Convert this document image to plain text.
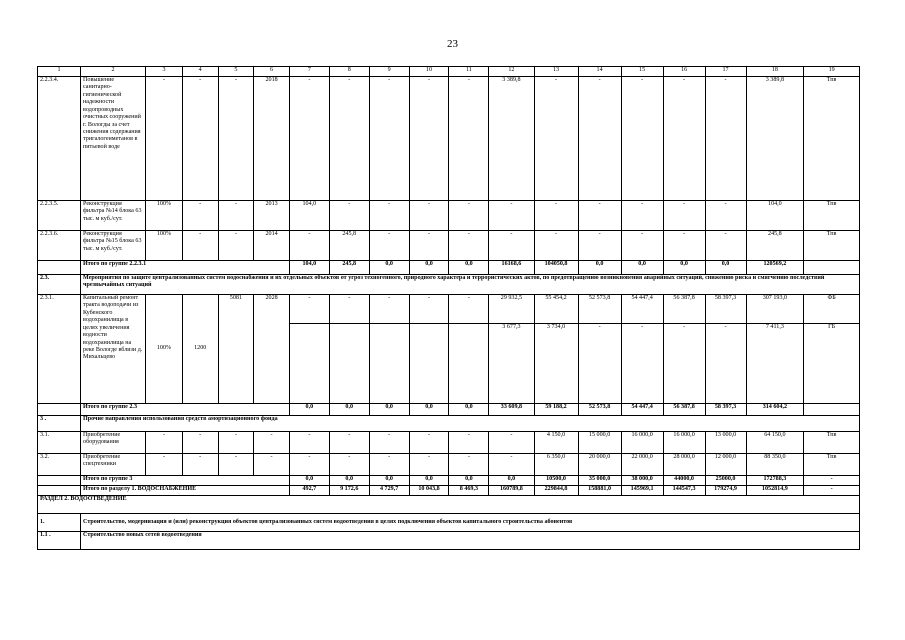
23
1	2	3	4	5	6	7	8	9	10	11	12	13	14	15	16	17	18	19
2.2.3.4.	Повышение санитарно-гигиенической надежности водопроводных очистных сооружений г. Вологды за счет снижения содержания тригалогенметанов в питьевой воде	-	-	-	2018	-	-	-	-	-	3 389,8	-	-	-	-	-	3 389,8	Тпв
2.2.3.5.	Реконструкция фильтра №14 блока 63 тыс. м куб./сут.	100%	-	-	2013	104,0	-	-	-	-	-	-	-	-	-	-	104,0	Тпв
2.2.3.6.	Реконструкция фильтра №15 блока 63 тыс. м куб./сут.	100%	-	-	2014	-	245,8	-	-	-	-	-	-	-	-	-	245,8	Тпв
	Итого по группе 2.2.3.1					104,0	245,8	0,0	0,0	0,0	16168,6	104050,8	0,0	0,0	0,0	0,0	120569,2	
2.3.	Мероприятия по защите централизованных систем водоснабжения и их отдельных объектов от угроз техногенного, природного характера и террористических актов, по предотвращению возникновения аварийных ситуаций, снижению риска и смягчению последствий чрезвычайных ситуаций																	
2.3.1.	Капитальный ремонт тракта водоподачи из Кубенского водохранилища в целях увеличения водности водохранилища на реке Вологде вблизи д. Михальцево	100%	1200	5081	2028	-	-	-	-	-	29 932,5	55 454,2	52 573,8	54 447,4	56 387,8	58 397,3	307 193,0	ФБ
											3 677,3	3 734,0	-	-	-	-	7 411,3	ГБ
	Итого по группе 2.3					0,0	0,0	0,0	0,0	0,0	33 609,8	59 188,2	52 573,8	54 447,4	56 387,8	58 397,3	314 604,2	
3 .	Прочие направления использования средств амортизационного фонда																	
3.1.	Приобретение оборудования	-	-	-	-	-	-	-	-	-	-	4 150,0	15 000,0	16 000,0	16 000,0	13 000,0	64 150,0	Тпв
3.2.	Приобретение спецтехники	-	-	-	-	-	-	-	-	-	-	6 350,0	20 000,0	22 000,0	28 000,0	12 000,0	88 350,0	Тпв
	Итого по группе 3					0,0	0,0	0,0	0,0	0,0	0,0	10500,0	35 000,0	38 000,0	44000,0	25000,0	172788,3	-
	Итого по разделу 1. ВОДОСНАБЖЕНИЕ					492,7	9 172,6	4 729,7	10 043,8	8 469,3	160789,8	229844,8	158881,0	145969,1	144547,3	179274,9	1052814,9	-
РАЗДЕЛ 2. ВОДООТВЕДЕНИЕ																		
1.	Строительство, модернизация и (или) реконструкция объектов централизованных систем водоотведения в целях подключения объектов капитального строительства абонентов																	
1.1 .	Строительство новых сетей водоотведения																	
